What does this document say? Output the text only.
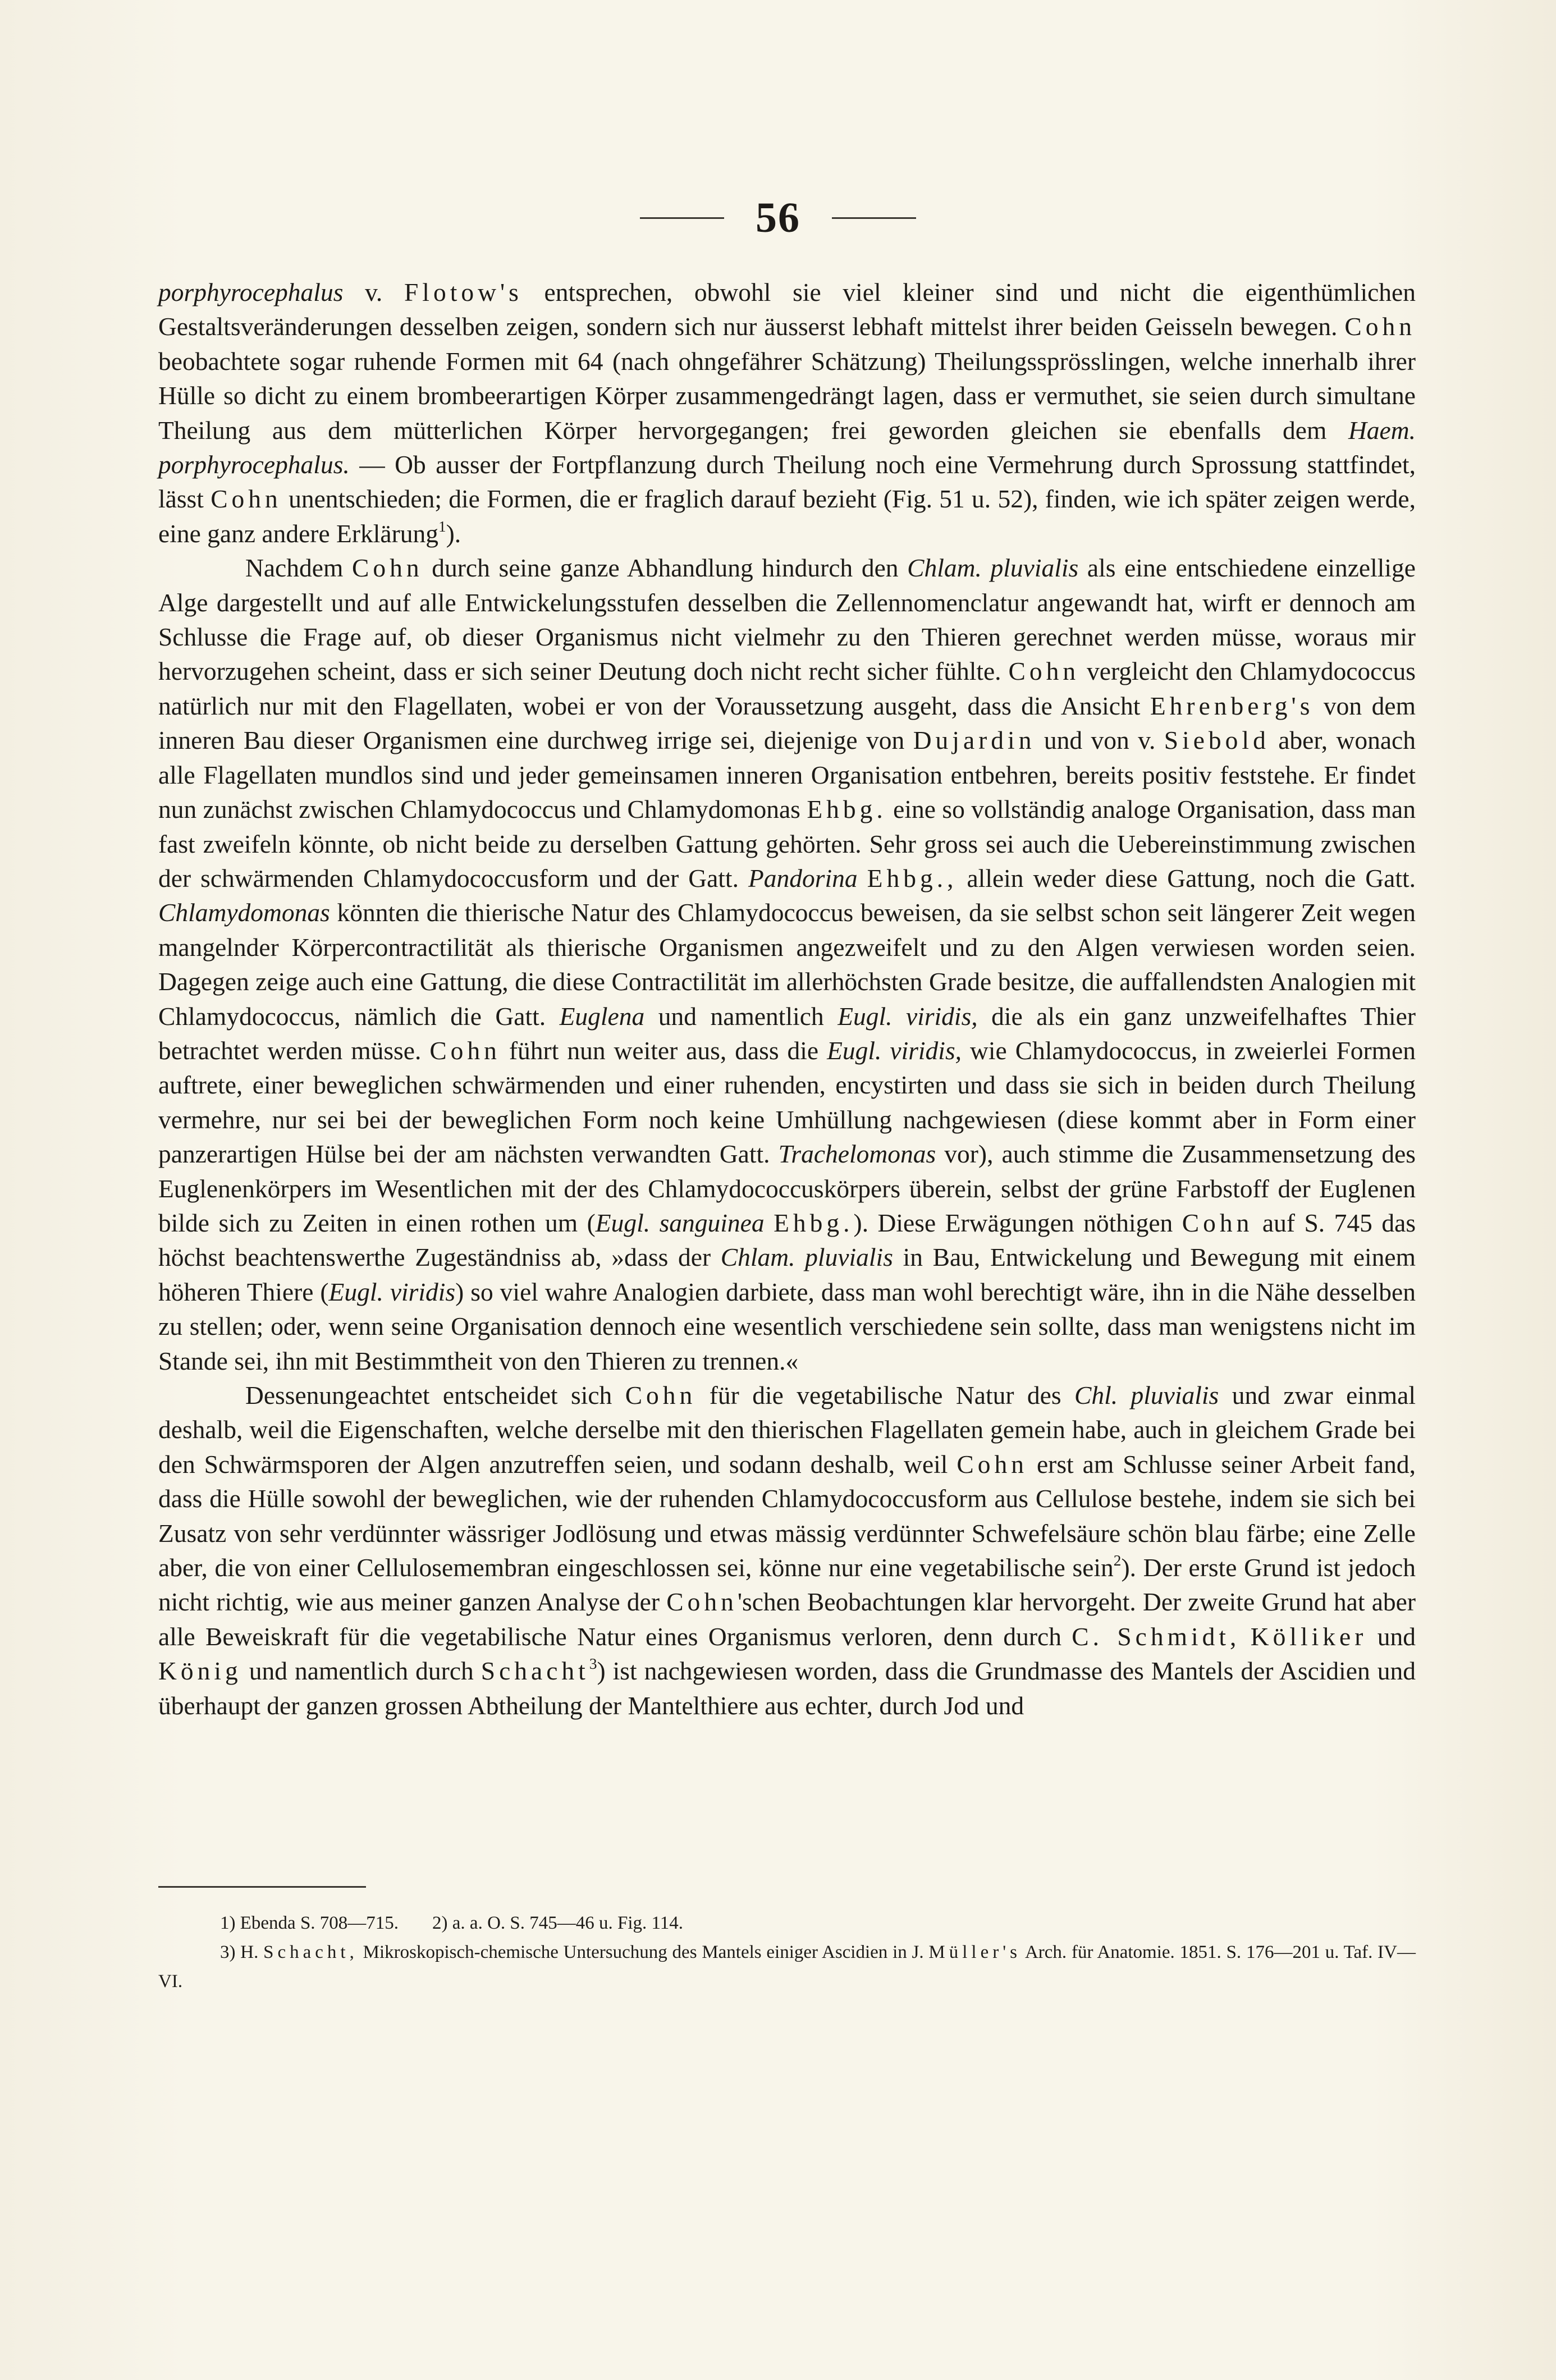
56

porphyrocephalus v. Flotow's entsprechen, obwohl sie viel kleiner sind und nicht die eigenthümlichen Gestaltsveränderungen desselben zeigen, sondern sich nur äusserst lebhaft mittelst ihrer beiden Geisseln bewegen. Cohn beobachtete sogar ruhende Formen mit 64 (nach ohngefährer Schätzung) Theilungssprösslingen, welche innerhalb ihrer Hülle so dicht zu einem brombeerartigen Körper zusammengedrängt lagen, dass er vermuthet, sie seien durch simultane Theilung aus dem mütterlichen Körper hervorgegangen; frei geworden gleichen sie ebenfalls dem Haem. porphyrocephalus. — Ob ausser der Fortpflanzung durch Theilung noch eine Vermehrung durch Sprossung stattfindet, lässt Cohn unentschieden; die Formen, die er fraglich darauf bezieht (Fig. 51 u. 52), finden, wie ich später zeigen werde, eine ganz andere Erklärung$^1$).

Nachdem Cohn durch seine ganze Abhandlung hindurch den Chlam. pluvialis als eine entschiedene einzellige Alge dargestellt und auf alle Entwickelungsstufen desselben die Zellennomenclatur angewandt hat, wirft er dennoch am Schlusse die Frage auf, ob dieser Organismus nicht vielmehr zu den Thieren gerechnet werden müsse, woraus mir hervorzugehen scheint, dass er sich seiner Deutung doch nicht recht sicher fühlte. Cohn vergleicht den Chlamydococcus natürlich nur mit den Flagellaten, wobei er von der Voraussetzung ausgeht, dass die Ansicht Ehrenberg's von dem inneren Bau dieser Organismen eine durchweg irrige sei, diejenige von Dujardin und von v. Siebold aber, wonach alle Flagellaten mundlos sind und jeder gemeinsamen inneren Organisation entbehren, bereits positiv feststehe. Er findet nun zunächst zwischen Chlamydococcus und Chlamydomonas Ehbg. eine so vollständig analoge Organisation, dass man fast zweifeln könnte, ob nicht beide zu derselben Gattung gehörten. Sehr gross sei auch die Uebereinstimmung zwischen der schwärmenden Chlamydococcusform und der Gatt. Pandorina Ehbg., allein weder diese Gattung, noch die Gatt. Chlamydomonas könnten die thierische Natur des Chlamydococcus beweisen, da sie selbst schon seit längerer Zeit wegen mangelnder Körpercontractilität als thierische Organismen angezweifelt und zu den Algen verwiesen worden seien. Dagegen zeige auch eine Gattung, die diese Contractilität im allerhöchsten Grade besitze, die auffallendsten Analogien mit Chlamydococcus, nämlich die Gatt. Euglena und namentlich Eugl. viridis, die als ein ganz unzweifelhaftes Thier betrachtet werden müsse. Cohn führt nun weiter aus, dass die Eugl. viridis, wie Chlamydococcus, in zweierlei Formen auftrete, einer beweglichen schwärmenden und einer ruhenden, encystirten und dass sie sich in beiden durch Theilung vermehre, nur sei bei der beweglichen Form noch keine Umhüllung nachgewiesen (diese kommt aber in Form einer panzerartigen Hülse bei der am nächsten verwandten Gatt. Trachelomonas vor), auch stimme die Zusammensetzung des Euglenenkörpers im Wesentlichen mit der des Chlamydococcuskörpers überein, selbst der grüne Farbstoff der Euglenen bilde sich zu Zeiten in einen rothen um (Eugl. sanguinea Ehbg.). Diese Erwägungen nöthigen Cohn auf S. 745 das höchst beachtenswerthe Zugeständniss ab, »dass der Chlam. pluvialis in Bau, Entwickelung und Bewegung mit einem höheren Thiere (Eugl. viridis) so viel wahre Analogien darbiete, dass man wohl berechtigt wäre, ihn in die Nähe desselben zu stellen; oder, wenn seine Organisation dennoch eine wesentlich verschiedene sein sollte, dass man wenigstens nicht im Stande sei, ihn mit Bestimmtheit von den Thieren zu trennen.«

Dessenungeachtet entscheidet sich Cohn für die vegetabilische Natur des Chl. pluvialis und zwar einmal deshalb, weil die Eigenschaften, welche derselbe mit den thierischen Flagellaten gemein habe, auch in gleichem Grade bei den Schwärmsporen der Algen anzutreffen seien, und sodann deshalb, weil Cohn erst am Schlusse seiner Arbeit fand, dass die Hülle sowohl der beweglichen, wie der ruhenden Chlamydococcusform aus Cellulose bestehe, indem sie sich bei Zusatz von sehr verdünnter wässriger Jodlösung und etwas mässig verdünnter Schwefelsäure schön blau färbe; eine Zelle aber, die von einer Cellulosemembran eingeschlossen sei, könne nur eine vegetabilische sein$^2$). Der erste Grund ist jedoch nicht richtig, wie aus meiner ganzen Analyse der Cohn'schen Beobachtungen klar hervorgeht. Der zweite Grund hat aber alle Beweiskraft für die vegetabilische Natur eines Organismus verloren, denn durch C. Schmidt, Kölliker und König und namentlich durch Schacht$^3$) ist nachgewiesen worden, dass die Grundmasse des Mantels der Ascidien und überhaupt der ganzen grossen Abtheilung der Mantelthiere aus echter, durch Jod und

1) Ebenda S. 708—715. 2) a. a. O. S. 745—46 u. Fig. 114.
3) H. Schacht, Mikroskopisch-chemische Untersuchung des Mantels einiger Ascidien in J. Müller's Arch. für Anatomie. 1851. S. 176—201 u. Taf. IV—VI.
